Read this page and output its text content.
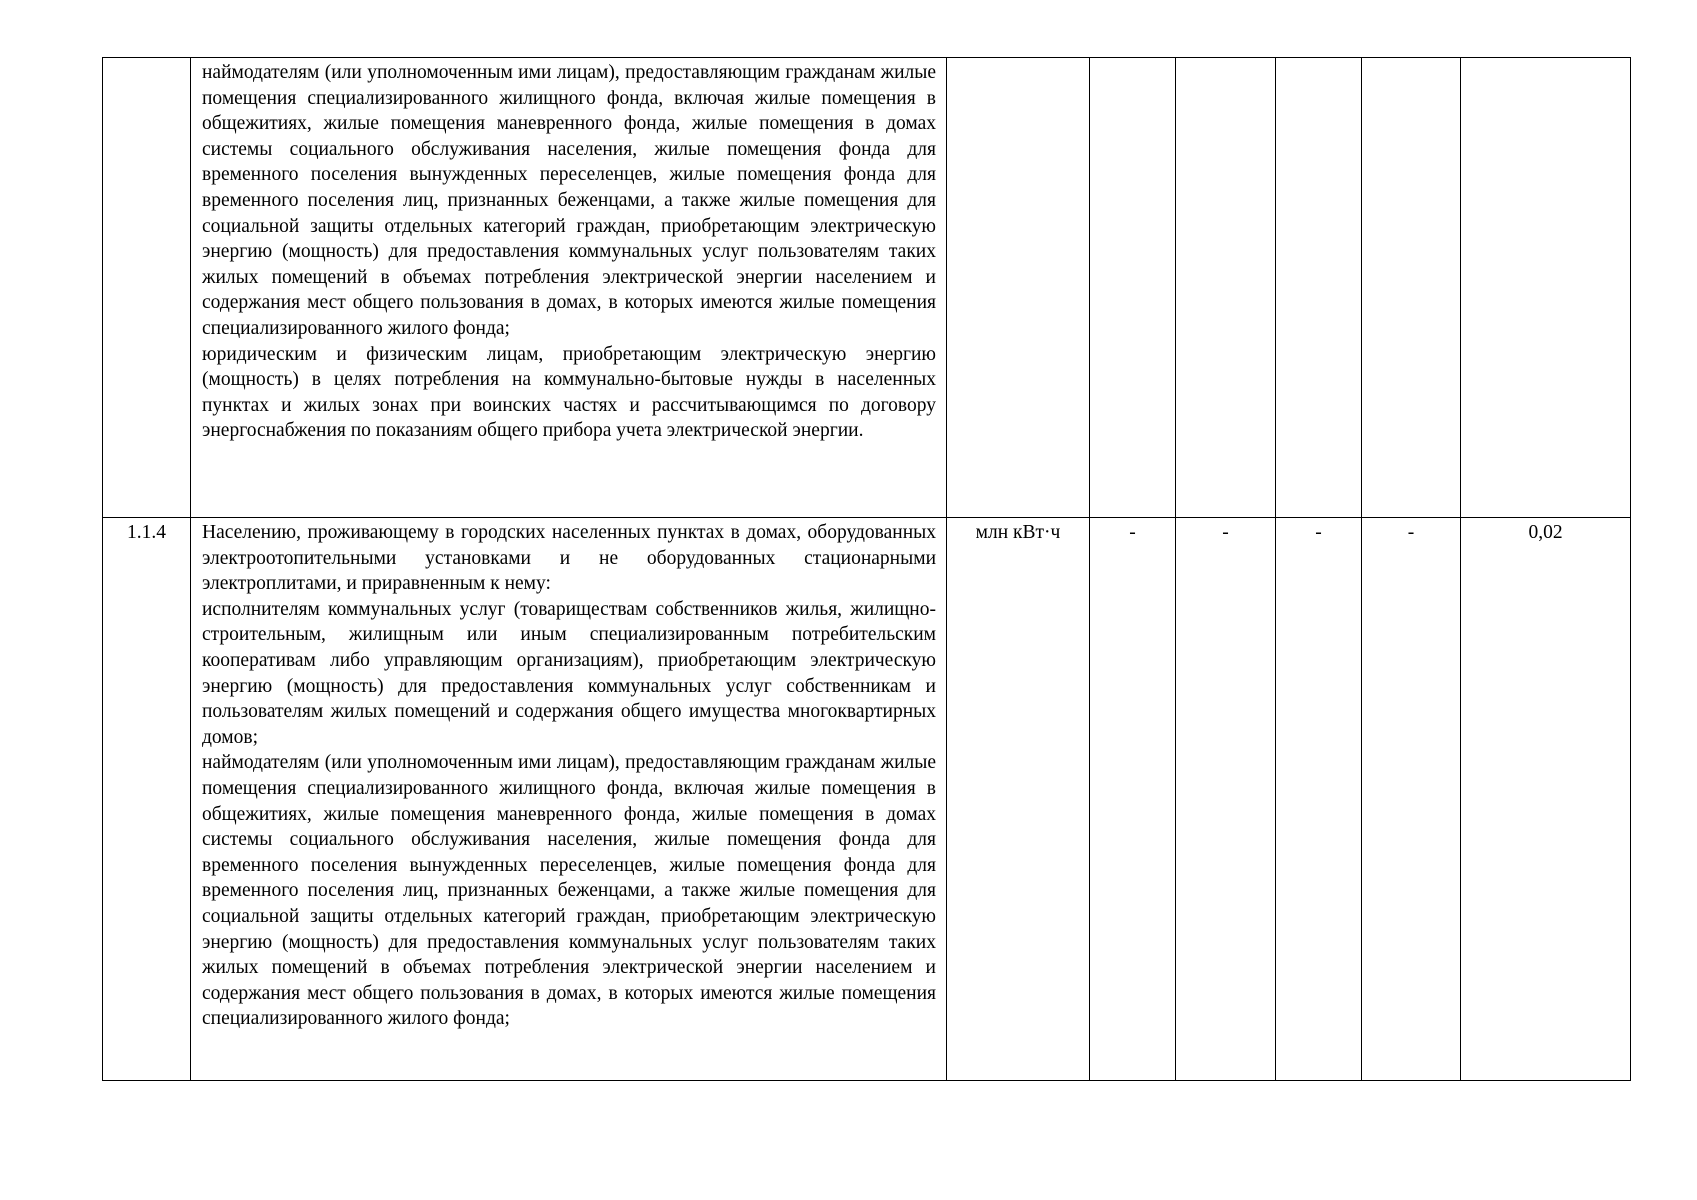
	наймодателям (или уполномоченным ими лицам), предоставляющим гражданам жилые помещения специализированного жилищного фонда, включая жилые помещения в общежитиях, жилые помещения маневренного фонда, жилые помещения в домах системы социального обслуживания населения, жилые помещения фонда для временного поселения вынужденных переселенцев, жилые помещения фонда для временного поселения лиц, признанных беженцами, а также жилые помещения для социальной защиты отдельных категорий граждан, приобретающим электрическую энергию (мощность) для предоставления коммунальных услуг пользователям таких жилых помещений в объемах потребления электрической энергии населением и содержания мест общего пользования в домах, в которых имеются жилые помещения специализированного жилого фонда;
юридическим и физическим лицам, приобретающим электрическую энергию (мощность) в целях потребления на коммунально-бытовые нужды в населенных пунктах и жилых зонах при воинских частях и рассчитывающимся по договору энергоснабжения по показаниям общего прибора учета электрической энергии.						

1.1.4	Населению, проживающему в городских населенных пунктах в домах, оборудованных электроотопительными установками и не оборудованных стационарными электроплитами, и приравненным к нему:
исполнителям коммунальных услуг (товариществам собственников жилья, жилищно-строительным, жилищным или иным специализированным потребительским кооперативам либо управляющим организациям), приобретающим электрическую энергию (мощность) для предоставления коммунальных услуг собственникам и пользователям жилых помещений и содержания общего имущества многоквартирных домов;
наймодателям (или уполномоченным ими лицам), предоставляющим гражданам жилые помещения специализированного жилищного фонда, включая жилые помещения в общежитиях, жилые помещения маневренного фонда, жилые помещения в домах системы социального обслуживания населения, жилые помещения фонда для временного поселения вынужденных переселенцев, жилые помещения фонда для временного поселения лиц, признанных беженцами, а также жилые помещения для социальной защиты отдельных категорий граждан, приобретающим электрическую энергию (мощность) для предоставления коммунальных услуг пользователям таких жилых помещений в объемах потребления электрической энергии населением и содержания мест общего пользования в домах, в которых имеются жилые помещения специализированного жилого фонда;	млн кВт·ч	-	-	-	-	0,02
